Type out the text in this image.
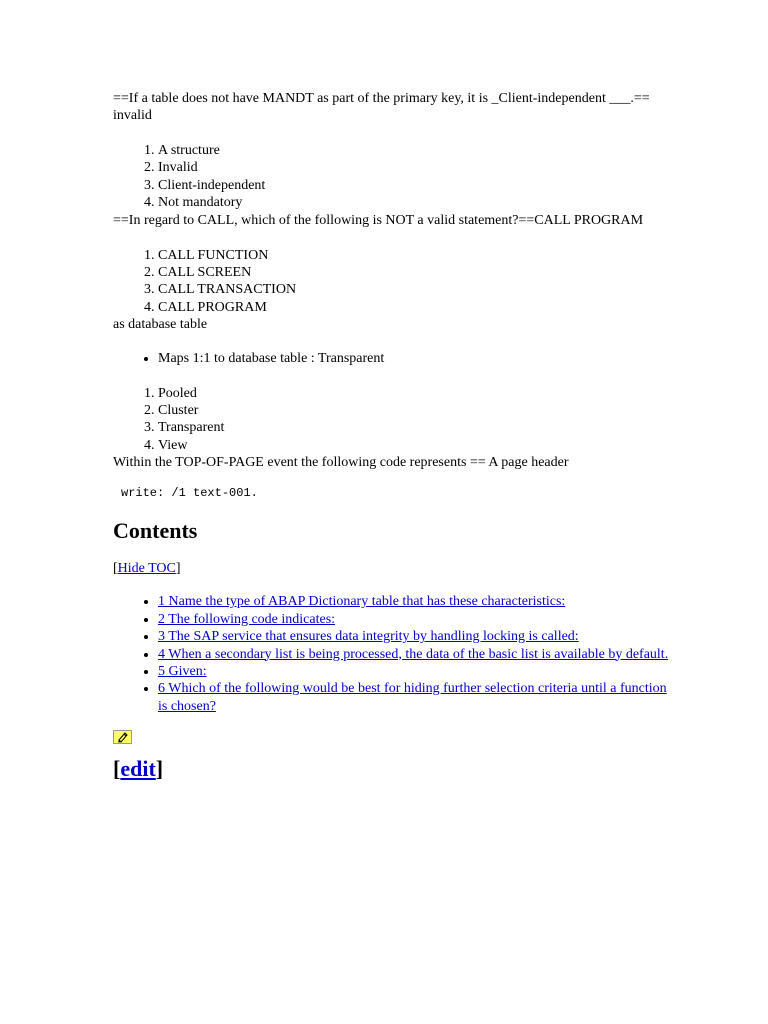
==If a table does not have MANDT as part of the primary key, it is _Client-independent ___.== invalid

1. A structure
2. Invalid
3. Client-independent
4. Not mandatory

==In regard to CALL, which of the following is NOT a valid statement?==CALL PROGRAM

1. CALL FUNCTION
2. CALL SCREEN
3. CALL TRANSACTION
4. CALL PROGRAM

as database table

• Maps 1:1 to database table : Transparent
1. Pooled
2. Cluster
3. Transparent
4. View

Within the TOP-OF-PAGE event the following code represents == A page header

write: /1 text-001.
Contents
[Hide TOC]
• 1 Name the type of ABAP Dictionary table that has these characteristics:
• 2 The following code indicates:
• 3 The SAP service that ensures data integrity by handling locking is called:
• 4 When a secondary list is being processed, the data of the basic list is available by default.
• 5 Given:
• 6 Which of the following would be best for hiding further selection criteria until a function is chosen?
[edit]
